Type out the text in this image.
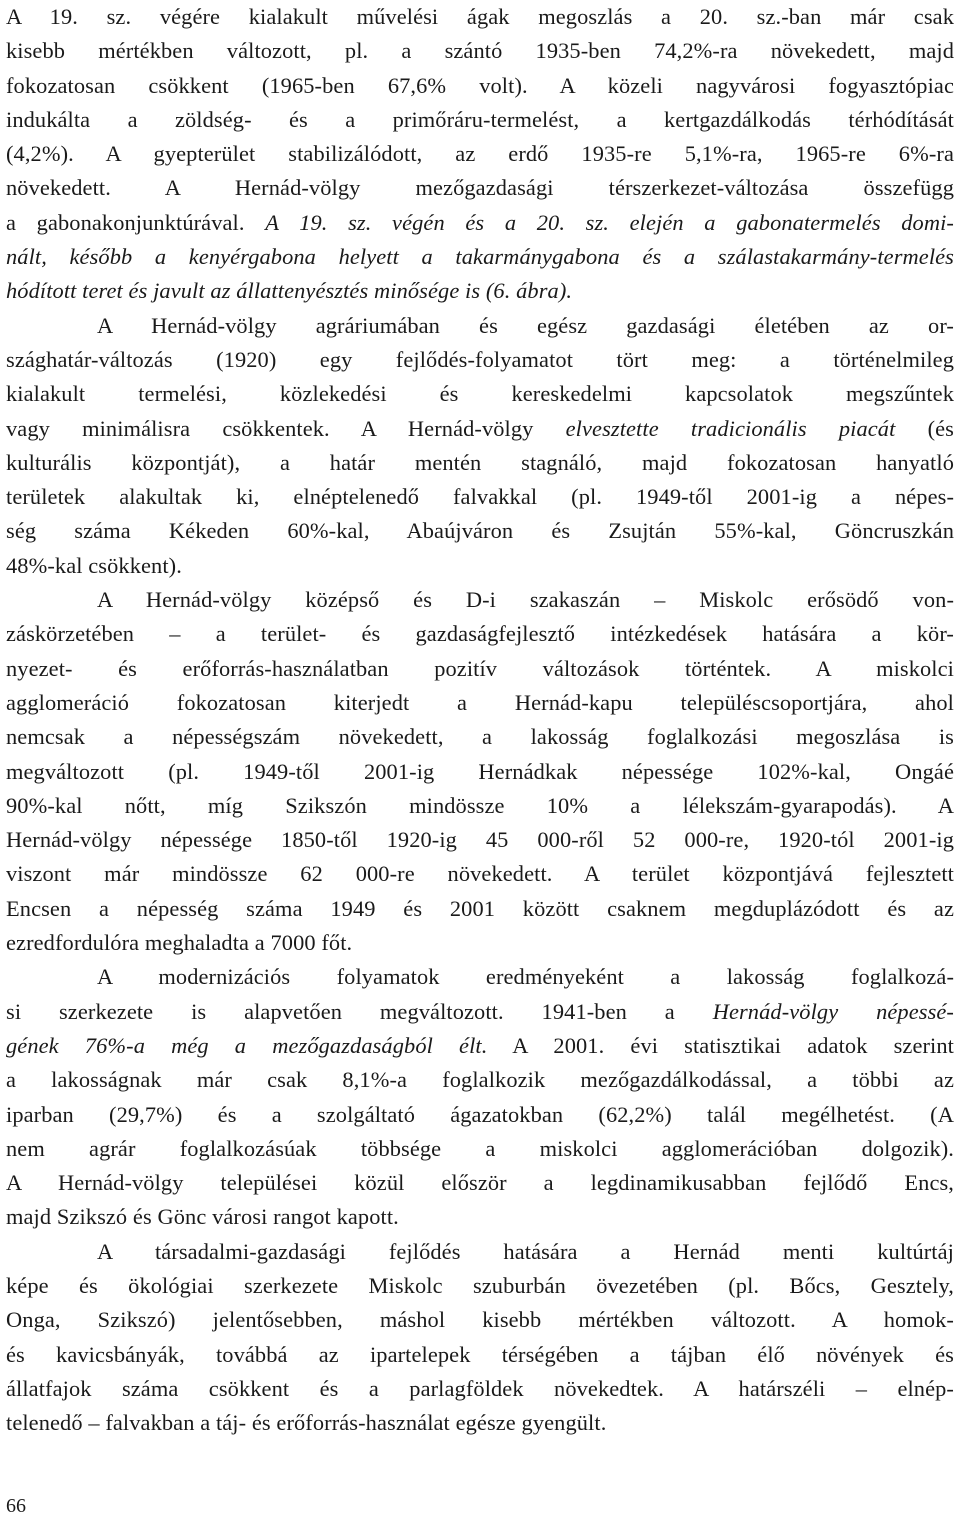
A 19. sz. végére kialakult művelési ágak megoszlás a 20. sz.-ban már csak
kisebb mértékben változott, pl. a szántó 1935-ben 74,2%-ra növekedett, majd
fokozatosan csökkent (1965-ben 67,6% volt). A közeli nagyvárosi fogyasztópiac
indukálta a zöldség- és a primőráru-termelést, a kertgazdálkodás térhódítását
(4,2%). A gyepterület stabilizálódott, az erdő 1935-re 5,1%-ra, 1965-re 6%-ra
növekedett. A Hernád-völgy mezőgazdasági térszerkezet-változása összefügg
a gabonakonjunktúrával. A 19. sz. végén és a 20. sz. elején a gabonatermelés domi-
nált, később a kenyérgabona helyett a takarmánygabona és a szálastakarmány-termelés
hódított teret és javult az állattenyésztés minősége is (6. ábra).
A Hernád-völgy agráriumában és egész gazdasági életében az or-
szághatár-változás (1920) egy fejlődés-folyamatot tört meg: a történelmileg
kialakult termelési, közlekedési és kereskedelmi kapcsolatok megszűntek
vagy minimálisra csökkentek. A Hernád-völgy elvesztette tradicionális piacát (és
kulturális központját), a határ mentén stagnáló, majd fokozatosan hanyatló
területek alakultak ki, elnéptelenedő falvakkal (pl. 1949-től 2001-ig a népes-
ség száma Kékeden 60%-kal, Abaújváron és Zsujtán 55%-kal, Göncruszkán
48%-kal csökkent).
A Hernád-völgy középső és D-i szakaszán – Miskolc erősödő von-
záskörzetében – a terület- és gazdaságfejlesztő intézkedések hatására a kör-
nyezet- és erőforrás-használatban pozitív változások történtek. A miskolci
agglomeráció fokozatosan kiterjedt a Hernád-kapu településcsoportjára, ahol
nemcsak a népességszám növekedett, a lakosság foglalkozási megoszlása is
megváltozott (pl. 1949-től 2001-ig Hernádkak népessége 102%-kal, Ongáé
90%-kal nőtt, míg Szikszón mindössze 10% a lélekszám-gyarapodás). A
Hernád-völgy népessége 1850-től 1920-ig 45 000-ről 52 000-re, 1920-tól 2001-ig
viszont már mindössze 62 000-re növekedett. A terület központjává fejlesztett
Encsen a népesség száma 1949 és 2001 között csaknem megduplázódott és az
ezredfordulóra meghaladta a 7000 főt.
A modernizációs folyamatok eredményeként a lakosság foglalkozá-
si szerkezete is alapvetően megváltozott. 1941-ben a Hernád-völgy népessé-
gének 76%-a még a mezőgazdaságból élt. A 2001. évi statisztikai adatok szerint
a lakosságnak már csak 8,1%-a foglalkozik mezőgazdálkodással, a többi az
iparban (29,7%) és a szolgáltató ágazatokban (62,2%) talál megélhetést. (A
nem agrár foglalkozásúak többsége a miskolci agglomerációban dolgozik).
A Hernád-völgy települései közül először a legdinamikusabban fejlődő Encs,
majd Szikszó és Gönc városi rangot kapott.
A társadalmi-gazdasági fejlődés hatására a Hernád menti kultúrtáj
képe és ökológiai szerkezete Miskolc szuburbán övezetében (pl. Bőcs, Gesztely,
Onga, Szikszó) jelentősebben, máshol kisebb mértékben változott. A homok-
és kavicsbányák, továbbá az ipartelepek térségében a tájban élő növények és
állatfajok száma csökkent és a parlagföldek növekedtek. A határszéli – elnép-
telenedő – falvakban a táj- és erőforrás-használat egésze gyengült.
66
